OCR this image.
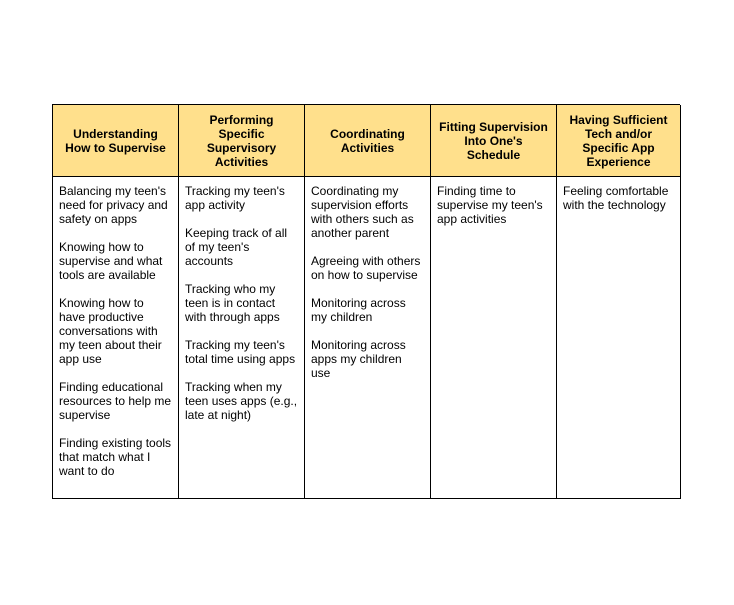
Understanding How to Supervise
Performing Specific Supervisory Activities
Coordinating Activities
Fitting Supervision Into One's Schedule
Having Sufficient Tech and/or Specific App Experience
Balancing my teen's need for privacy and safety on apps
Knowing how to supervise and what tools are available
Knowing how to have productive conversations with my teen about their app use
Finding educational resources to help me supervise
Finding existing tools that match what I want to do
Tracking my teen's app activity
Keeping track of all of my teen's accounts
Tracking who my teen is in contact with through apps
Tracking my teen's total time using apps
Tracking when my teen uses apps (e.g., late at night)
Coordinating my supervision efforts with others such as another parent
Agreeing with others on how to supervise
Monitoring across my children
Monitoring across apps my children use
Finding time to supervise my teen's app activities
Feeling comfortable with the technology
